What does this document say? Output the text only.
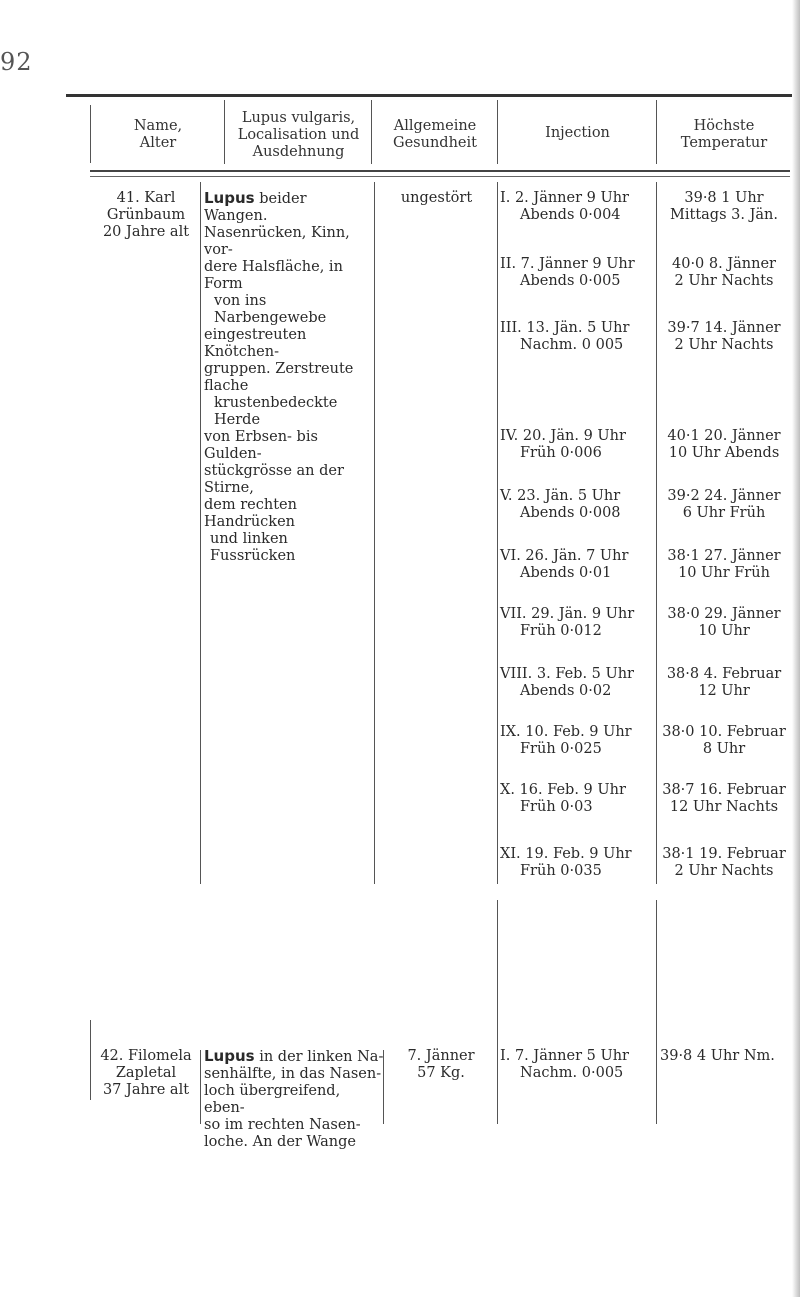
92
Name,
Alter
Lupus vulgaris,
Localisation und
Ausdehnung
Allgemeine
Gesundheit
Injection	Höchste
Temperatur
41. Karl
Grünbaum
20 Jahre alt
Lupus beider Wangen.
Nasenrücken, Kinn, vor-
dere Halsfläche, in Form
von ins Narbengewebe
eingestreuten Knötchen-
gruppen. Zerstreute flache
krustenbedeckte Herde
von Erbsen- bis Gulden-
stückgrösse an der Stirne,
dem rechten Handrücken
und linken Fussrücken
ungestört	I. 2. Jänner 9 Uhr
Abends 0·004
39·8 1 Uhr
Mittags 3. Jän.
II. 7. Jänner 9 Uhr
Abends 0·005
40·0 8. Jänner
2 Uhr Nachts
III. 13. Jän. 5 Uhr
Nachm. 0 005
39·7 14. Jänner
2 Uhr Nachts
IV. 20. Jän. 9 Uhr
Früh 0·006
40·1 20. Jänner
10 Uhr Abends
V. 23. Jän. 5 Uhr
Abends 0·008
39·2 24. Jänner
6 Uhr Früh
VI. 26. Jän. 7 Uhr
Abends 0·01
38·1 27. Jänner
10 Uhr Früh
VII. 29. Jän. 9 Uhr
Früh 0·012
38·0 29. Jänner
10 Uhr
VIII. 3. Feb. 5 Uhr
Abends 0·02
38·8 4. Februar
12 Uhr
IX. 10. Feb. 9 Uhr
Früh 0·025
38·0 10. Februar
8 Uhr
X. 16. Feb. 9 Uhr
Früh 0·03
38·7 16. Februar
12 Uhr Nachts
XI. 19. Feb. 9 Uhr
Früh 0·035
38·1 19. Februar
2 Uhr Nachts
42. Filomela
Zapletal
37 Jahre alt
Lupus in der linken Na-
senhälfte, in das Nasen-
loch übergreifend, eben-
so im rechten Nasen-
loche. An der Wange
7. Jänner
57 Kg.
I. 7. Jänner 5 Uhr
Nachm. 0·005
39·8 4 Uhr Nm.
